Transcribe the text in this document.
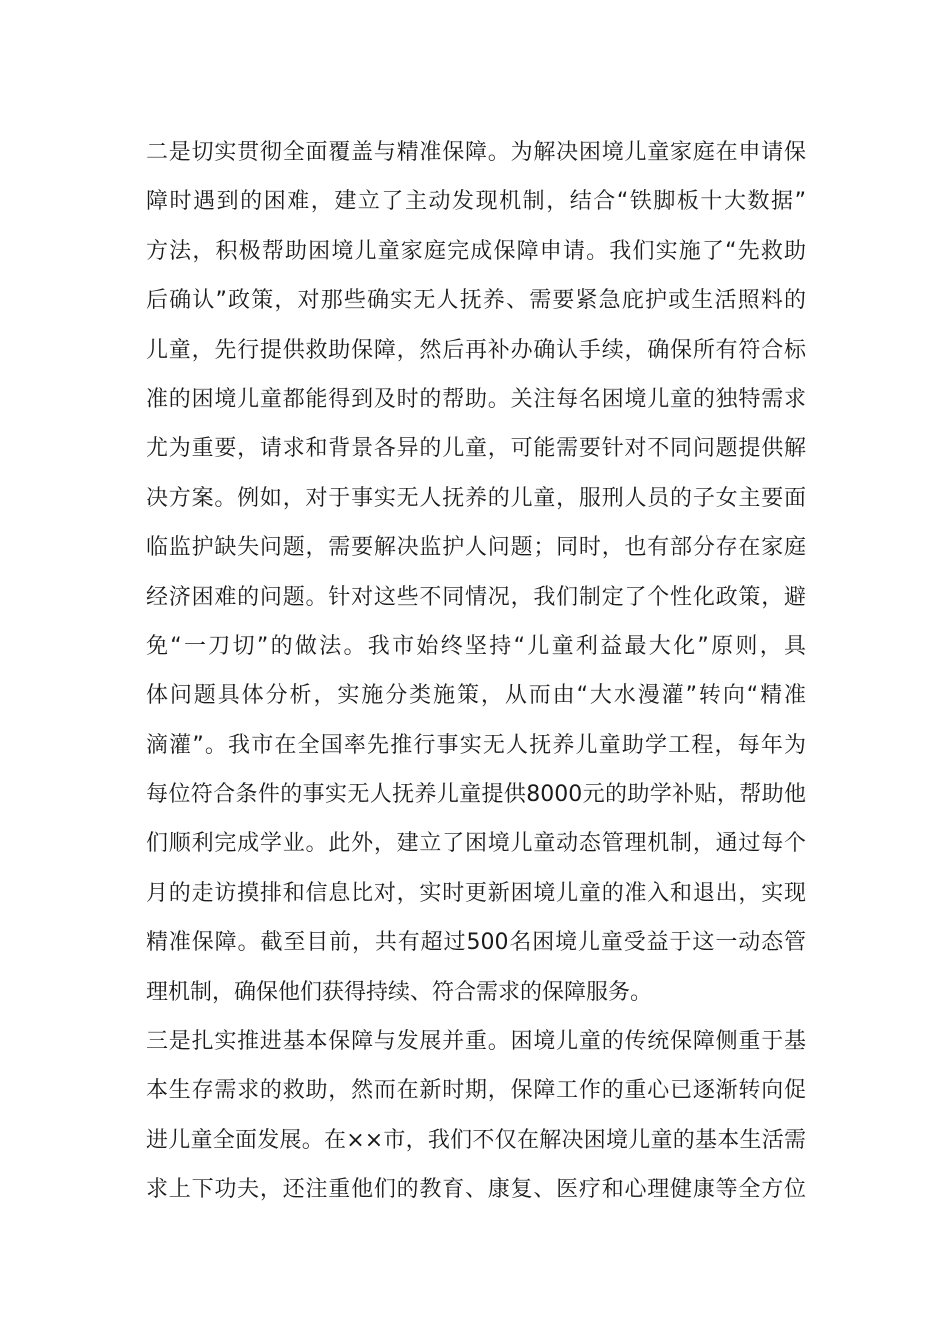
二是切实贯彻全面覆盖与精准保障。为解决困境儿童家庭在申请保
障时遇到的困难，建立了主动发现机制，结合“铁脚板十大数据”
方法，积极帮助困境儿童家庭完成保障申请。我们实施了“先救助
后确认”政策，对那些确实无人抚养、需要紧急庇护或生活照料的
儿童，先行提供救助保障，然后再补办确认手续，确保所有符合标
准的困境儿童都能得到及时的帮助。关注每名困境儿童的独特需求
尤为重要，请求和背景各异的儿童，可能需要针对不同问题提供解
决方案。例如，对于事实无人抚养的儿童，服刑人员的子女主要面
临监护缺失问题，需要解决监护人问题；同时，也有部分存在家庭
经济困难的问题。针对这些不同情况，我们制定了个性化政策，避
免“一刀切”的做法。我市始终坚持“儿童利益最大化”原则，具
体问题具体分析，实施分类施策，从而由“大水漫灌”转向“精准
滴灌”。我市在全国率先推行事实无人抚养儿童助学工程，每年为
每位符合条件的事实无人抚养儿童提供8000元的助学补贴，帮助他
们顺利完成学业。此外，建立了困境儿童动态管理机制，通过每个
月的走访摸排和信息比对，实时更新困境儿童的准入和退出，实现
精准保障。截至目前，共有超过500名困境儿童受益于这一动态管
理机制，确保他们获得持续、符合需求的保障服务。
三是扎实推进基本保障与发展并重。困境儿童的传统保障侧重于基
本生存需求的救助，然而在新时期，保障工作的重心已逐渐转向促
进儿童全面发展。在××市，我们不仅在解决困境儿童的基本生活需
求上下功夫，还注重他们的教育、康复、医疗和心理健康等全方位
